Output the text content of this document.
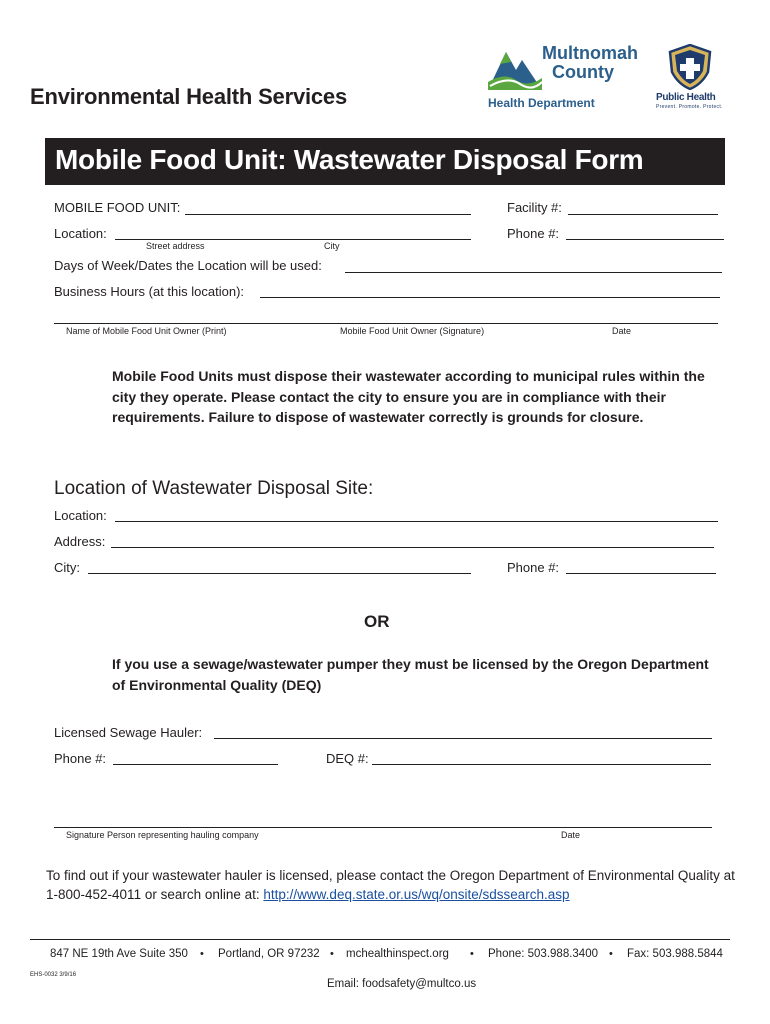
Environmental Health Services
Multnomah
County
Health Department	Public Health
Prevent. Promote. Protect.
Mobile Food Unit: Wastewater Disposal Form
MOBILE FOOD UNIT:	Facility #:
Location:
Street address	City
Phone #:
Days of Week/Dates the Location will be used:
Business Hours (at this location):
Name of Mobile Food Unit Owner (Print)	Mobile Food Unit Owner (Signature)	Date
Mobile Food Units must dispose their wastewater according to municipal rules within the city they operate. Please contact the city to ensure you are in compliance with their requirements. Failure to dispose of wastewater correctly is grounds for closure.
Location of Wastewater Disposal Site:
Location:
Address:
City:	Phone #:
OR
If you use a sewage/wastewater pumper they must be licensed by the Oregon Department of Environmental Quality (DEQ)
Licensed Sewage Hauler:
Phone #:	DEQ #:
Signature Person representing hauling company	Date
To find out if your wastewater hauler is licensed, please contact the Oregon Department of Environmental Quality at 1-800-452-4011 or search online at: http://www.deq.state.or.us/wq/onsite/sdssearch.asp
847 NE 19th Ave Suite 350 • Portland, OR 97232 • mchealthinspect.org • Phone: 503.988.3400 • Fax: 503.988.5844
EHS-0032 3/9/16
Email: foodsafety@multco.us
